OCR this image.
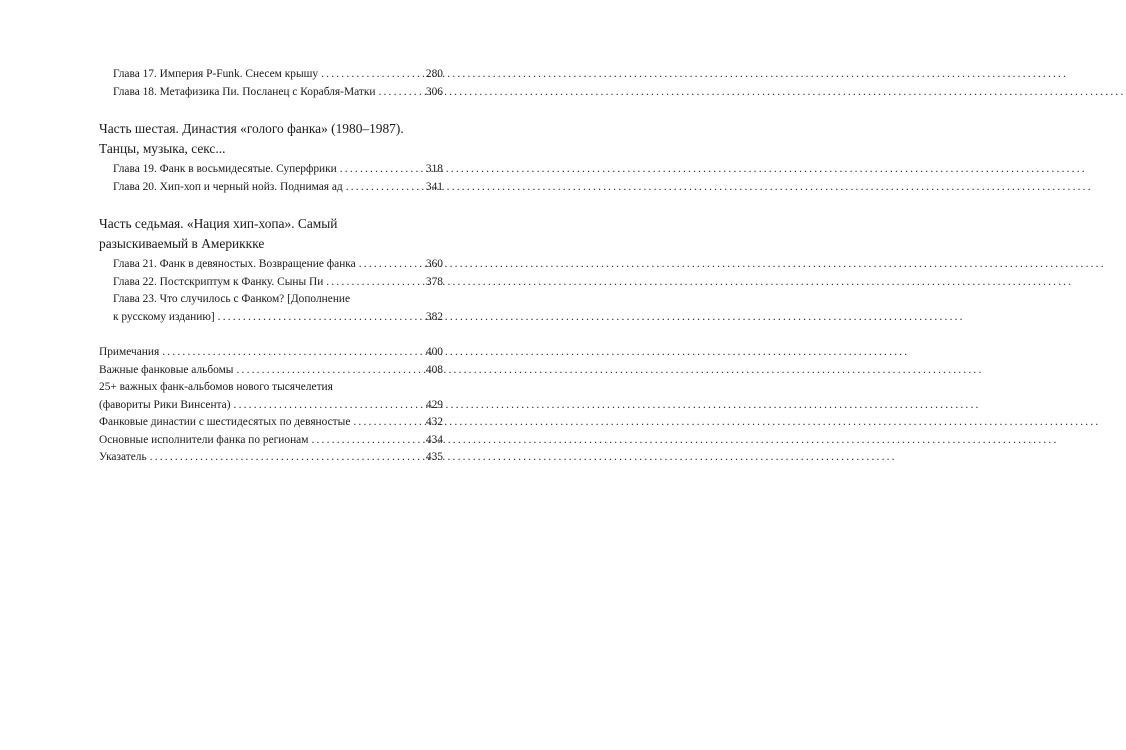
Глава 17. Империя P-Funk. Снесем крышу .....	280
Глава 18. Метафизика Пи. Посланец с Корабля-Матки .....	306
Часть шестая. Династия «голого фанка» (1980–1987).
Танцы, музыка, секс...
Глава 19. Фанк в восьмидесятые. Суперфрики .....	318
Глава 20. Хип-хоп и черный нойз. Поднимая ад .....	341
Часть седьмая. «Нация хип-хопа». Самый
разыскиваемый в Америккке
Глава 21. Фанк в девяностых. Возвращение фанка .....	360
Глава 22. Постскриптум к Фанку. Сыны Пи .....	378
Глава 23. Что случилось с Фанком? [Дополнение
к русскому изданию] .....	382
Примечания .....	400
Важные фанковые альбомы .....	408
25+ важных фанк-альбомов нового тысячелетия
(фавориты Рики Винсента) .....	429
Фанковые династии с шестидесятых по девяностые .....	432
Основные исполнители фанка по регионам .....	434
Указатель .....	435
